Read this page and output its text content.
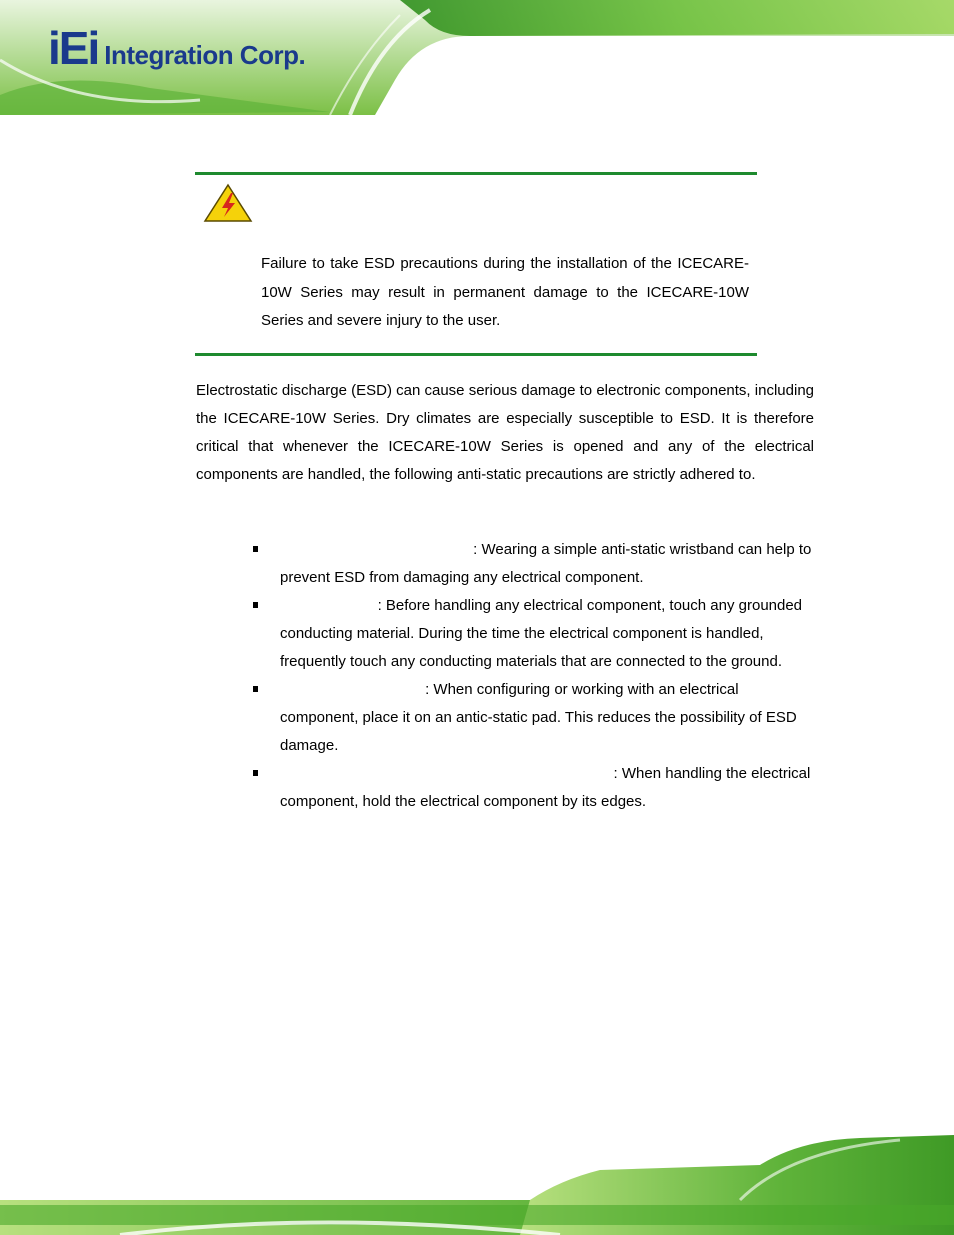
iEi Integration Corp.
Failure to take ESD precautions during the installation of the ICECARE-10W Series may result in permanent damage to the ICECARE-10W Series and severe injury to the user.
Electrostatic discharge (ESD) can cause serious damage to electronic components, including the ICECARE-10W Series. Dry climates are especially susceptible to ESD. It is therefore critical that whenever the ICECARE-10W Series is opened and any of the electrical components are handled, the following anti-static precautions are strictly adhered to.
Wear an anti-static wristband: Wearing a simple anti-static wristband can help to prevent ESD from damaging any electrical component.
Self-grounding: Before handling any electrical component, touch any grounded conducting material. During the time the electrical component is handled, frequently touch any conducting materials that are connected to the ground.
Use an anti-static pad: When configuring or working with an electrical component, place it on an antic-static pad. This reduces the possibility of ESD damage.
Only handle the edges of the electrical component: When handling the electrical component, hold the electrical component by its edges.
